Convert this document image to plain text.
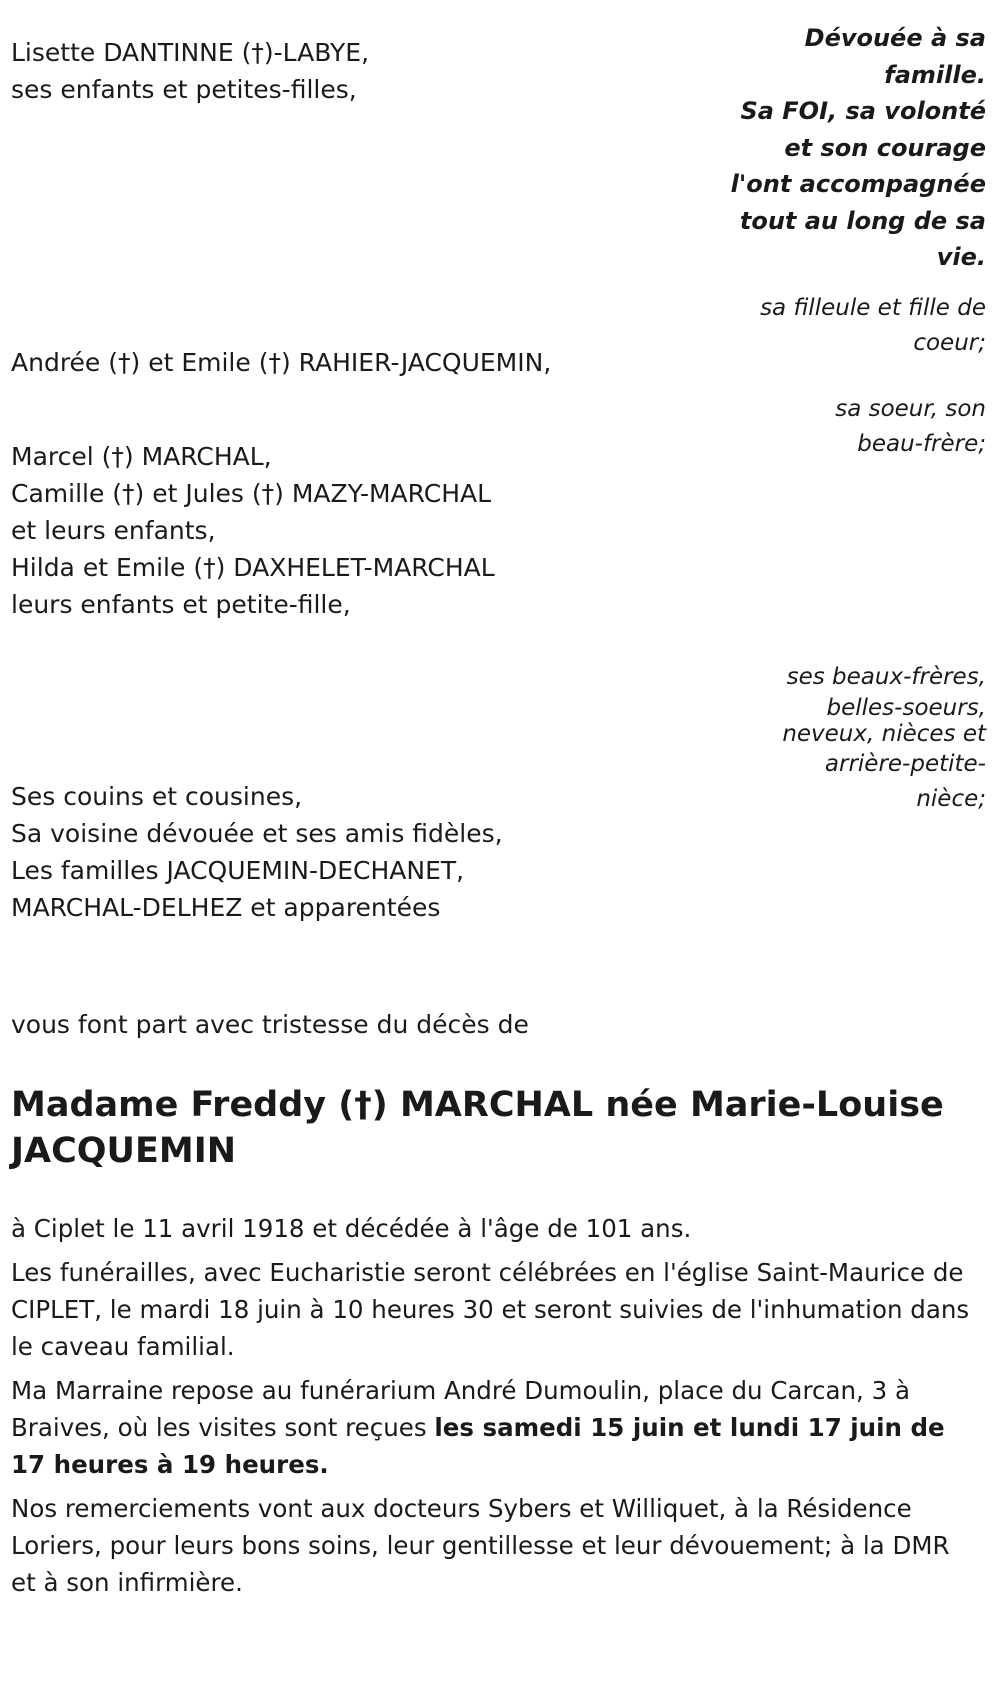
Lisette DANTINNE (†)-LABYE,
ses enfants et petites-filles,
Andrée (†) et Emile (†) RAHIER-JACQUEMIN,
Marcel (†) MARCHAL,
Camille (†) et Jules (†) MAZY-MARCHAL
et leurs enfants,
Hilda et Emile (†) DAXHELET-MARCHAL
leurs enfants et petite-fille,
Ses couins et cousines,
Sa voisine dévouée et ses amis fidèles,
Les familles JACQUEMIN-DECHANET,
MARCHAL-DELHEZ et apparentées
Dévouée à sa
famille.
Sa FOI, sa volonté
et son courage
l'ont accompagnée
tout au long de sa
vie.
sa filleule et fille de
coeur;
sa soeur, son
beau-frère;
ses beaux-frères,
belles-soeurs,
neveux, nièces et
arrière-petite-
nièce;
vous font part avec tristesse du décès de
Madame Freddy (†) MARCHAL née Marie-Louise JACQUEMIN
à Ciplet le 11 avril 1918 et décédée à l'âge de 101 ans.
Les funérailles, avec Eucharistie seront célébrées en l'église Saint-Maurice de CIPLET, le mardi 18 juin à 10 heures 30 et seront suivies de l'inhumation dans le caveau familial.
Ma Marraine repose au funérarium André Dumoulin, place du Carcan, 3 à Braives, où les visites sont reçues les samedi 15 juin et lundi 17 juin de 17 heures à 19 heures.
Nos remerciements vont aux docteurs Sybers et Williquet, à la Résidence Loriers, pour leurs bons soins, leur gentillesse et leur dévouement; à la DMR et à son infirmière.
